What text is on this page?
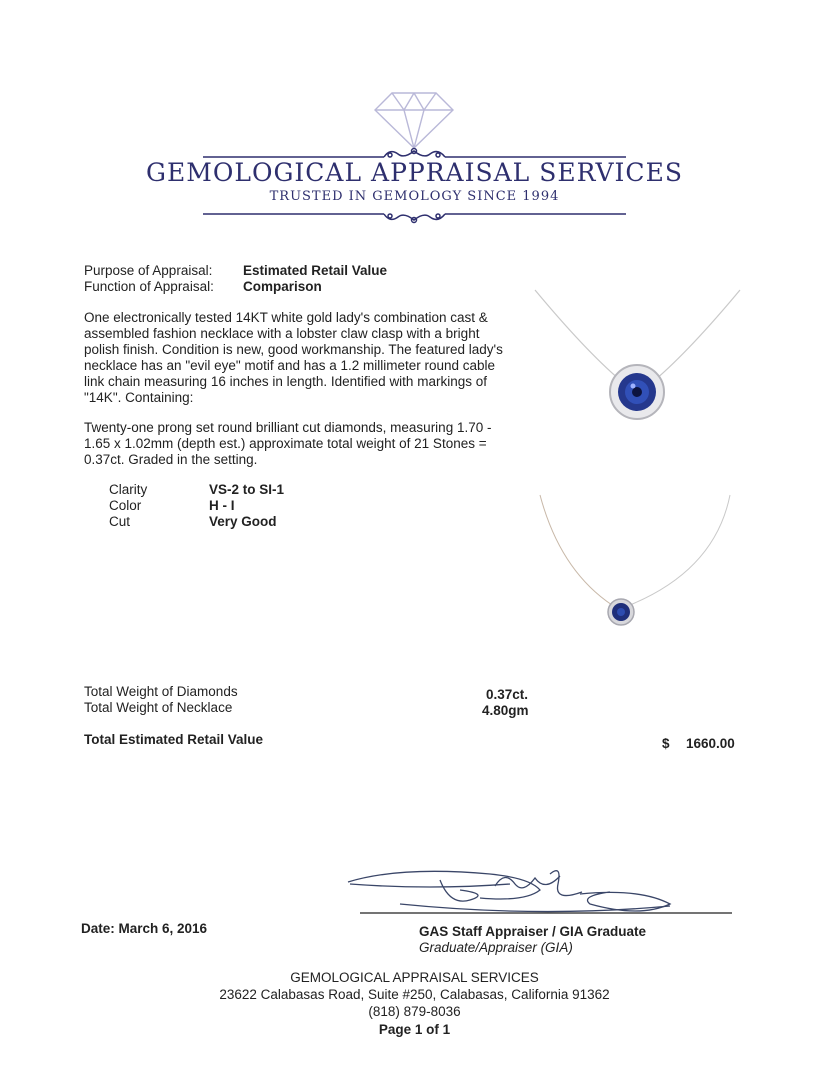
GEMOLOGICAL APPRAISAL SERVICES
TRUSTED IN GEMOLOGY SINCE 1994
Purpose of Appraisal: Estimated Retail Value
Function of Appraisal: Comparison
One electronically tested 14KT white gold lady's combination cast & assembled fashion necklace with a lobster claw clasp with a bright polish finish. Condition is new, good workmanship. The featured lady's necklace has an "evil eye" motif and has a 1.2 millimeter round cable link chain measuring 16 inches in length. Identified with markings of "14K". Containing:
Twenty-one prong set round brilliant cut diamonds, measuring 1.70 - 1.65 x 1.02mm (depth est.) approximate total weight of 21 Stones = 0.37ct. Graded in the setting.
Clarity	VS-2 to SI-1
Color	H - I
Cut	Very Good
Total Weight of Diamonds	0.37ct.
Total Weight of Necklace	4.80gm
Total Estimated Retail Value	$ 1660.00
Date: March 6, 2016	GAS Staff Appraiser / GIA Graduate
Graduate/Appraiser (GIA)
GEMOLOGICAL APPRAISAL SERVICES
23622 Calabasas Road, Suite #250, Calabasas, California 91362
(818) 879-8036
Page 1 of 1
